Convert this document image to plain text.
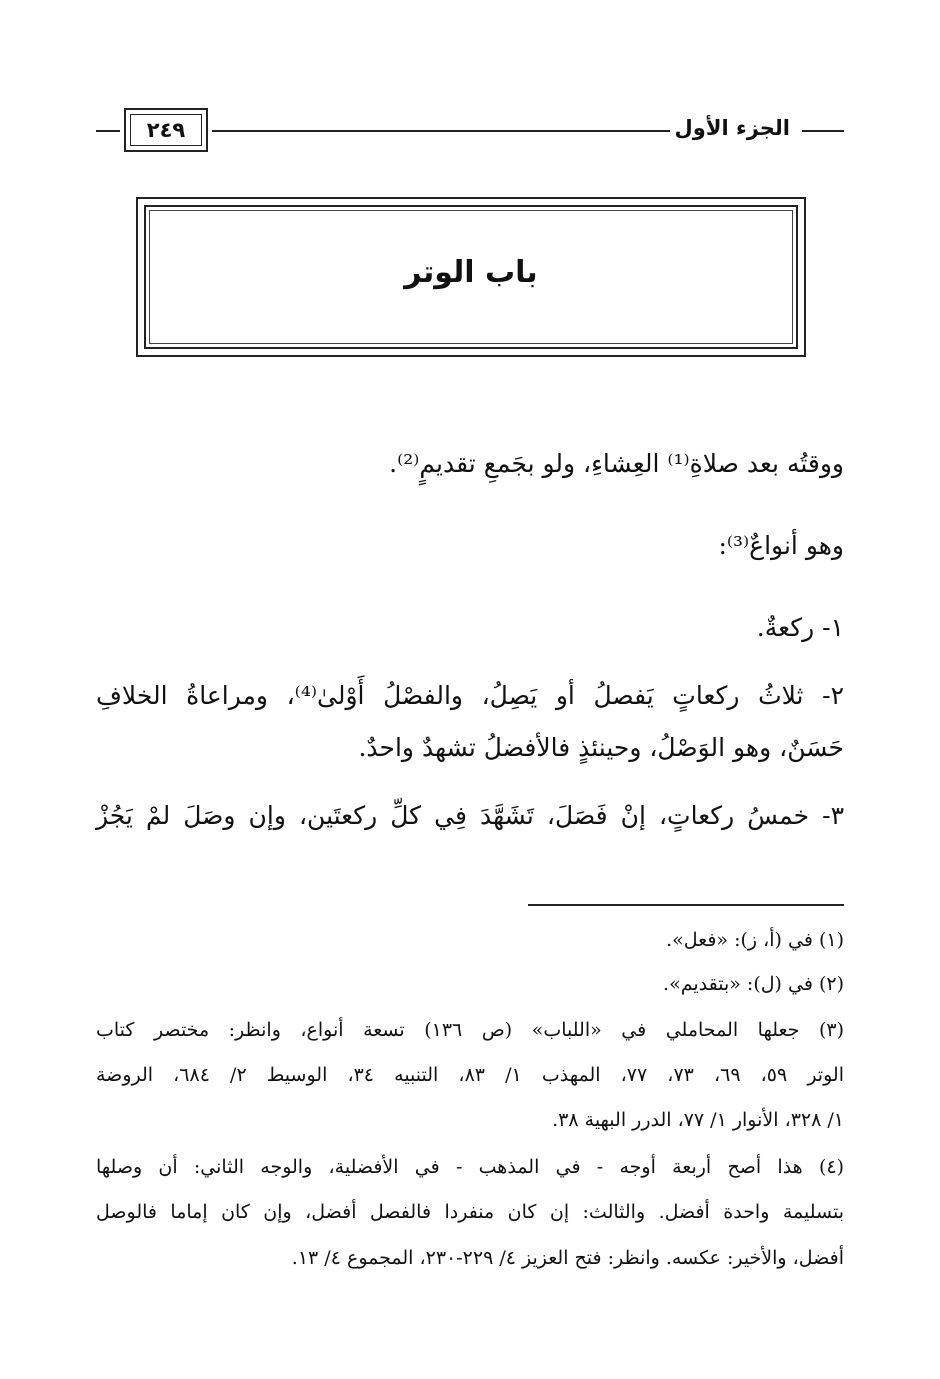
٢٤٩	الجزء الأول
باب الوتر
ووقتُه بعد صلاةِ⁽¹⁾ العِشاءِ، ولو بجَمعِ تقديمٍ⁽²⁾.
وهو أنواعٌ⁽³⁾:
١- ركعةٌ.
٢- ثلاثُ ركعاتٍ يَفصلُ أو يَصِلُ، والفصْلُ أَوْلىٰ⁽⁴⁾، ومراعاةُ الخلافِ
حَسَنٌ، وهو الوَصْلُ، وحينئذٍ فالأفضلُ تشهدٌ واحدٌ.
٣- خمسُ ركعاتٍ، إنْ فَصَلَ، تَشَهَّدَ فِي كلِّ ركعتَين، وإن وصَلَ لمْ يَجُزْ
(١) في (أ، ز): «فعل».
(٢) في (ل): «بتقديم».
(٣) جعلها المحاملي في «اللباب» (ص ١٣٦) تسعة أنواع، وانظر: مختصر كتاب
الوتر ٥٩، ٦٩، ٧٣، ٧٧، المهذب ١/ ٨٣، التنبيه ٣٤، الوسيط ٢/ ٦٨٤، الروضة
١/ ٣٢٨، الأنوار ١/ ٧٧، الدرر البهية ٣٨.
(٤) هذا أصح أربعة أوجه - في المذهب - في الأفضلية، والوجه الثاني: أن وصلها
بتسليمة واحدة أفضل. والثالث: إن كان منفردا فالفصل أفضل، وإن كان إماما فالوصل
أفضل، والأخير: عكسه. وانظر: فتح العزيز ٤/ ٢٢٩-٢٣٠، المجموع ٤/ ١٣.
